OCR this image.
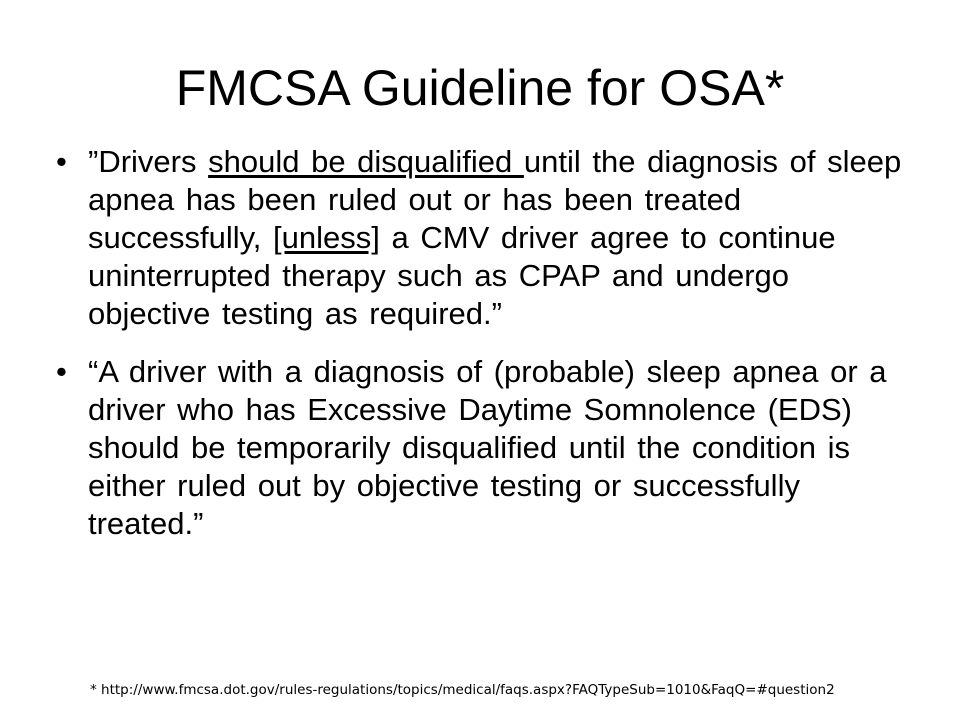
FMCSA Guideline for OSA*
• ”Drivers should be disqualified until the diagnosis of sleep apnea has been ruled out or has been treated successfully, [unless] a CMV driver agree to continue uninterrupted therapy such as CPAP and undergo objective testing as required.”
• “A driver with a diagnosis of (probable) sleep apnea or a driver who has Excessive Daytime Somnolence (EDS) should be temporarily disqualified until the condition is either ruled out by objective testing or successfully treated.”
* http://www.fmcsa.dot.gov/rules-regulations/topics/medical/faqs.aspx?FAQTypeSub=1010&FaqQ=#question2
